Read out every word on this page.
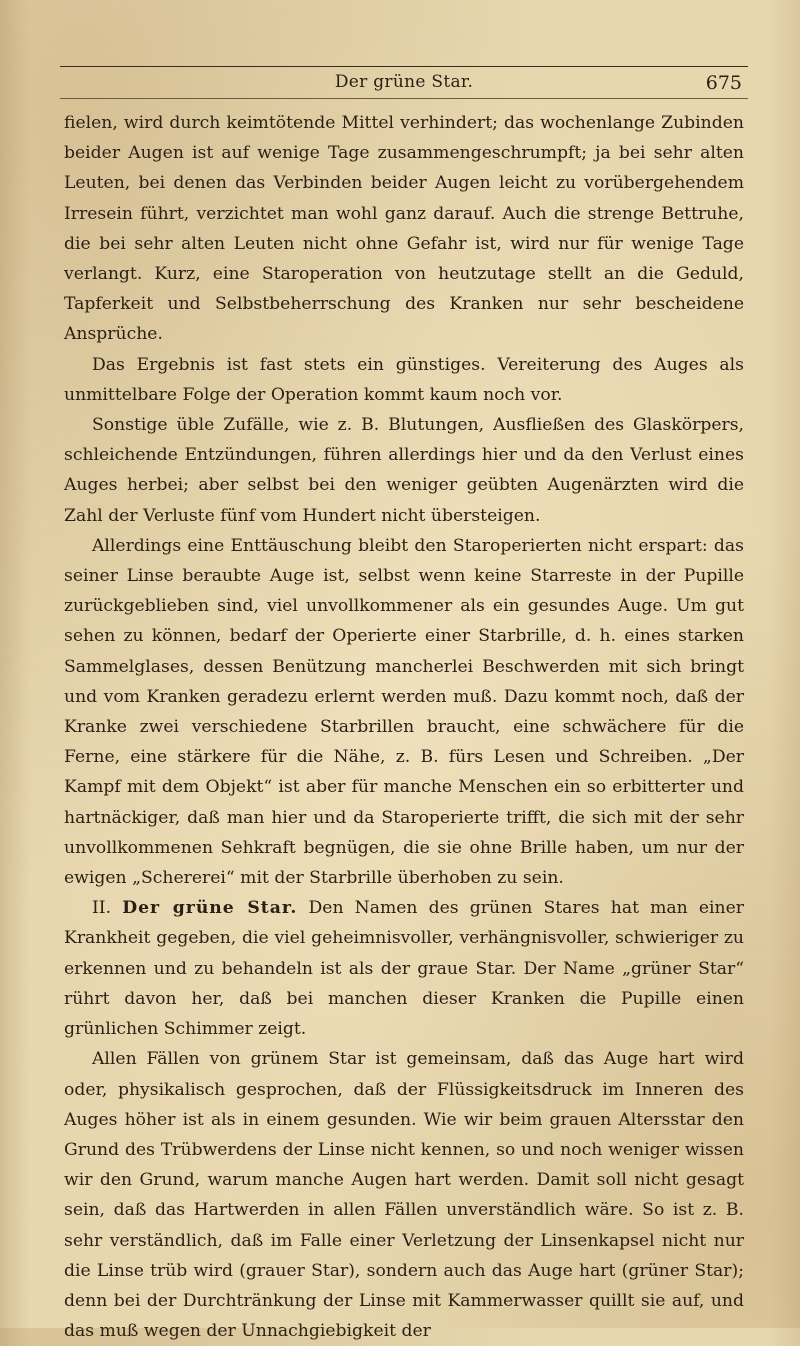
Der grüne Star.	675

fielen, wird durch keimtötende Mittel verhindert; das wochenlange Zubinden beider Augen ist auf wenige Tage zusammengeschrumpft; ja bei sehr alten Leuten, bei denen das Verbinden beider Augen leicht zu vorübergehendem Irresein führt, verzichtet man wohl ganz darauf. Auch die strenge Bettruhe, die bei sehr alten Leuten nicht ohne Gefahr ist, wird nur für wenige Tage verlangt. Kurz, eine Staroperation von heutzutage stellt an die Geduld, Tapferkeit und Selbstbeherrschung des Kranken nur sehr bescheidene Ansprüche.

Das Ergebnis ist fast stets ein günstiges. Vereiterung des Auges als unmittelbare Folge der Operation kommt kaum noch vor.

Sonstige üble Zufälle, wie z. B. Blutungen, Ausfließen des Glaskörpers, schleichende Entzündungen, führen allerdings hier und da den Verlust eines Auges herbei; aber selbst bei den weniger geübten Augenärzten wird die Zahl der Verluste fünf vom Hundert nicht übersteigen.

Allerdings eine Enttäuschung bleibt den Staroperierten nicht erspart: das seiner Linse beraubte Auge ist, selbst wenn keine Starreste in der Pupille zurückgeblieben sind, viel unvollkommener als ein gesundes Auge. Um gut sehen zu können, bedarf der Operierte einer Starbrille, d. h. eines starken Sammelglases, dessen Benützung mancherlei Beschwerden mit sich bringt und vom Kranken geradezu erlernt werden muß. Dazu kommt noch, daß der Kranke zwei verschiedene Starbrillen braucht, eine schwächere für die Ferne, eine stärkere für die Nähe, z. B. fürs Lesen und Schreiben. „Der Kampf mit dem Objekt“ ist aber für manche Menschen ein so erbitterter und hartnäckiger, daß man hier und da Staroperierte trifft, die sich mit der sehr unvollkommenen Sehkraft begnügen, die sie ohne Brille haben, um nur der ewigen „Schererei“ mit der Starbrille überhoben zu sein.

II. Der grüne Star. Den Namen des grünen Stares hat man einer Krankheit gegeben, die viel geheimnisvoller, verhängnisvoller, schwieriger zu erkennen und zu behandeln ist als der graue Star. Der Name „grüner Star“ rührt davon her, daß bei manchen dieser Kranken die Pupille einen grünlichen Schimmer zeigt.

Allen Fällen von grünem Star ist gemeinsam, daß das Auge hart wird oder, physikalisch gesprochen, daß der Flüssigkeitsdruck im Inneren des Auges höher ist als in einem gesunden. Wie wir beim grauen Altersstar den Grund des Trübwerdens der Linse nicht kennen, so und noch weniger wissen wir den Grund, warum manche Augen hart werden. Damit soll nicht gesagt sein, daß das Hartwerden in allen Fällen unverständlich wäre. So ist z. B. sehr verständlich, daß im Falle einer Verletzung der Linsenkapsel nicht nur die Linse trüb wird (grauer Star), sondern auch das Auge hart (grüner Star); denn bei der Durchtränkung der Linse mit Kammerwasser quillt sie auf, und das muß wegen der Unnachgiebigkeit der
